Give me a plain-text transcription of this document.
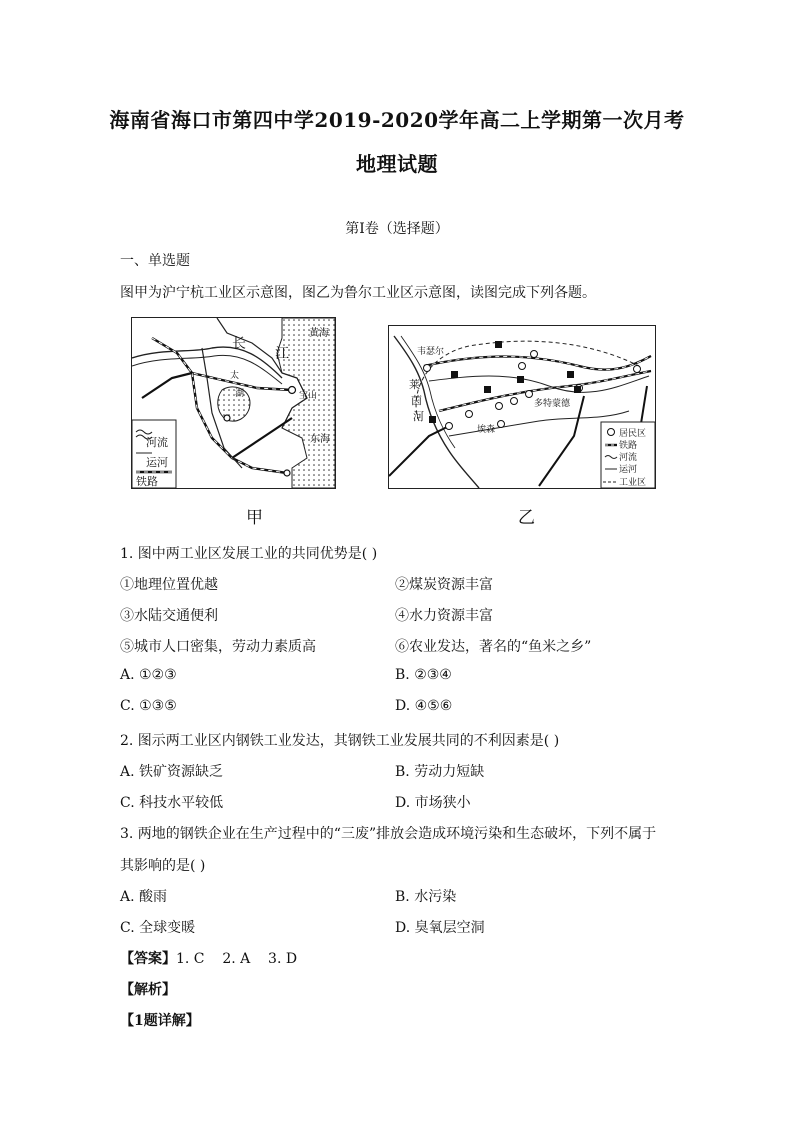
海南省海口市第四中学2019-2020学年高二上学期第一次月考
地理试题
第I卷（选择题）
一、单选题
图甲为沪宁杭工业区示意图，图乙为鲁尔工业区示意图，读图完成下列各题。
黄海
长
江
宝山
东海
太
湖
河流
运河
铁路
甲
韦瑟尔
多特蒙德
埃森
莱
茵
河
居民区
铁路
河流
运河
工业区
乙
1. 图中两工业区发展工业的共同优势是( )
①地理位置优越	②煤炭资源丰富
③水陆交通便利	④水力资源丰富
⑤城市人口密集，劳动力素质高	⑥农业发达，著名的“鱼米之乡”
A. ①②③	B. ②③④
C. ①③⑤	D. ④⑤⑥
2. 图示两工业区内钢铁工业发达，其钢铁工业发展共同的不利因素是( )
A. 铁矿资源缺乏	B. 劳动力短缺
C. 科技水平较低	D. 市场狭小
3. 两地的钢铁企业在生产过程中的“三废”排放会造成环境污染和生态破坏，下列不属于
其影响的是( )
A. 酸雨	B. 水污染
C. 全球变暖	D. 臭氧层空洞
【答案】1. C    2. A    3. D
【解析】
【1题详解】
